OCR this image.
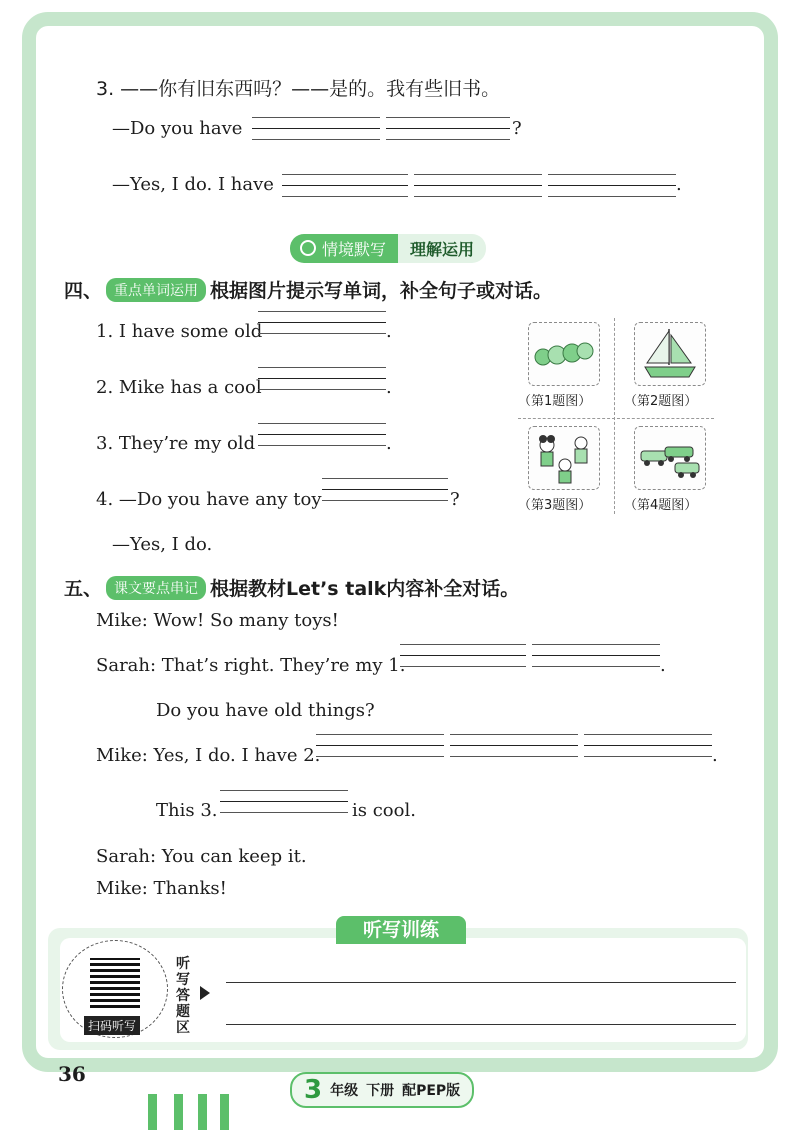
3. ——你有旧东西吗？——是的。我有些旧书。
—Do you have	?
—Yes, I do. I have	.
情境默写	理解运用
四、 重点单词运用 根据图片提示写单词，补全句子或对话。
1. I have some old	.
2. Mike has a cool	.
3. They’re my old	.
4. —Do you have any toy	?
—Yes, I do.
（第1题图）	（第2题图）
（第3题图）	（第4题图）
五、 课文要点串记 根据教材Let’s talk内容补全对话。
Mike: Wow! So many toys!
Sarah: That’s right. They’re my 1.	.
Do you have old things?
Mike: Yes, I do. I have 2.	.
This 3.	is cool.
Sarah: You can keep it.
Mike: Thanks!
听写训练
扫码听写
听写答题区
36
3 年级 下册 配PEP版
